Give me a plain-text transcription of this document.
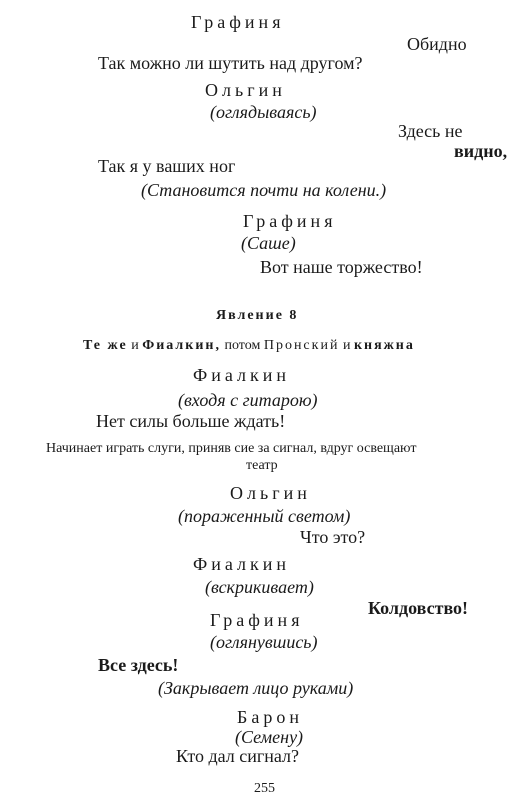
Графиня
Обидно
Так можно ли шутить над другом?
Ольгин
(оглядываясь)
Здесь не
видно,
Так я у ваших ног
(Становится почти на колени.)
Графиня
(Саше)
Вот наше торжество!
Явление 8
Те же и Фиалкин, потом Пронский и княжна
Фиалкин
(входя с гитарою)
Нет силы больше ждать!
Начинает играть слуги, приняв сие за сигнал, вдруг освещают
театр
Ольгин
(пораженный светом)
Что это?
Фиалкин
(вскрикивает)
Колдовство!
Графиня
(оглянувшись)
Все здесь!
(Закрывает лицо руками)
Барон
(Семену)
Кто дал сигнал?
255
